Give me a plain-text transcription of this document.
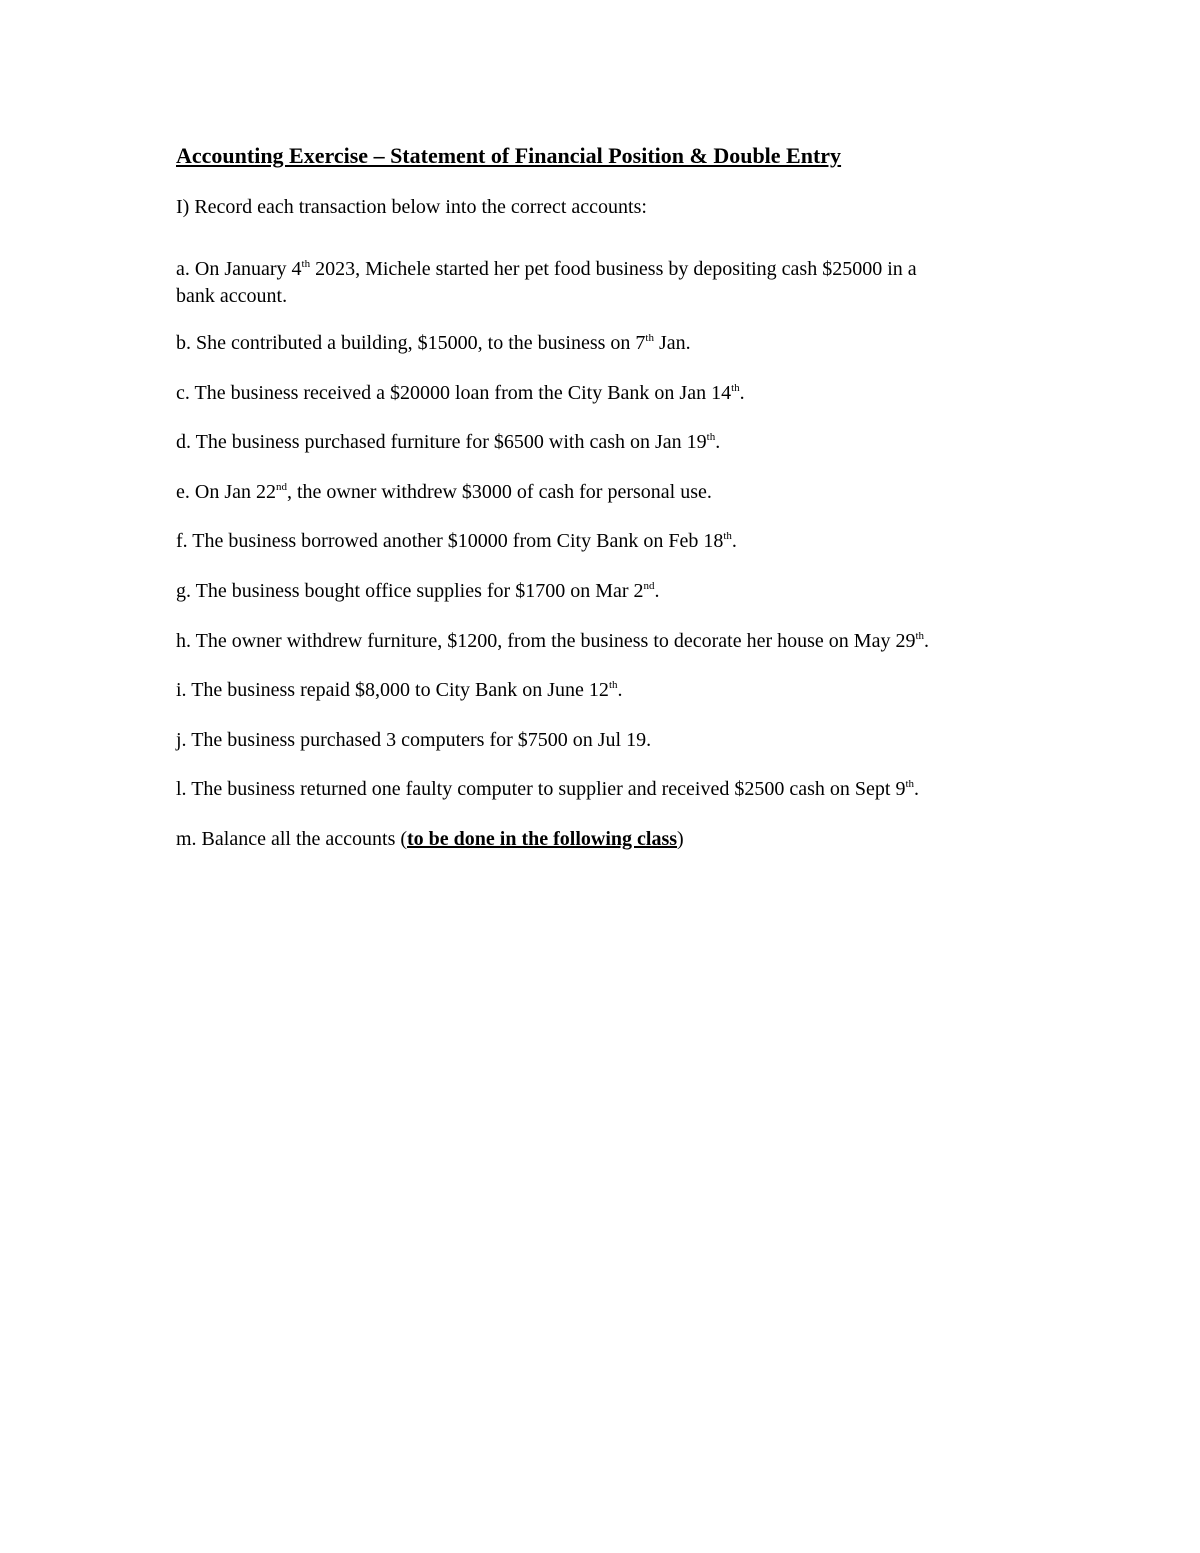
Accounting Exercise – Statement of Financial Position & Double Entry
I) Record each transaction below into the correct accounts:
a. On January 4th 2023, Michele started her pet food business by depositing cash $25000 in a
bank account.
b. She contributed a building, $15000, to the business on 7th Jan.
c. The business received a $20000 loan from the City Bank on Jan 14th.
d. The business purchased furniture for $6500 with cash on Jan 19th.
e. On Jan 22nd, the owner withdrew $3000 of cash for personal use.
f. The business borrowed another $10000 from City Bank on Feb 18th.
g. The business bought office supplies for $1700 on Mar 2nd.
h. The owner withdrew furniture, $1200, from the business to decorate her house on May 29th.
i. The business repaid $8,000 to City Bank on June 12th.
j. The business purchased 3 computers for $7500 on Jul 19.
l. The business returned one faulty computer to supplier and received $2500 cash on Sept 9th.
m. Balance all the accounts (to be done in the following class)
